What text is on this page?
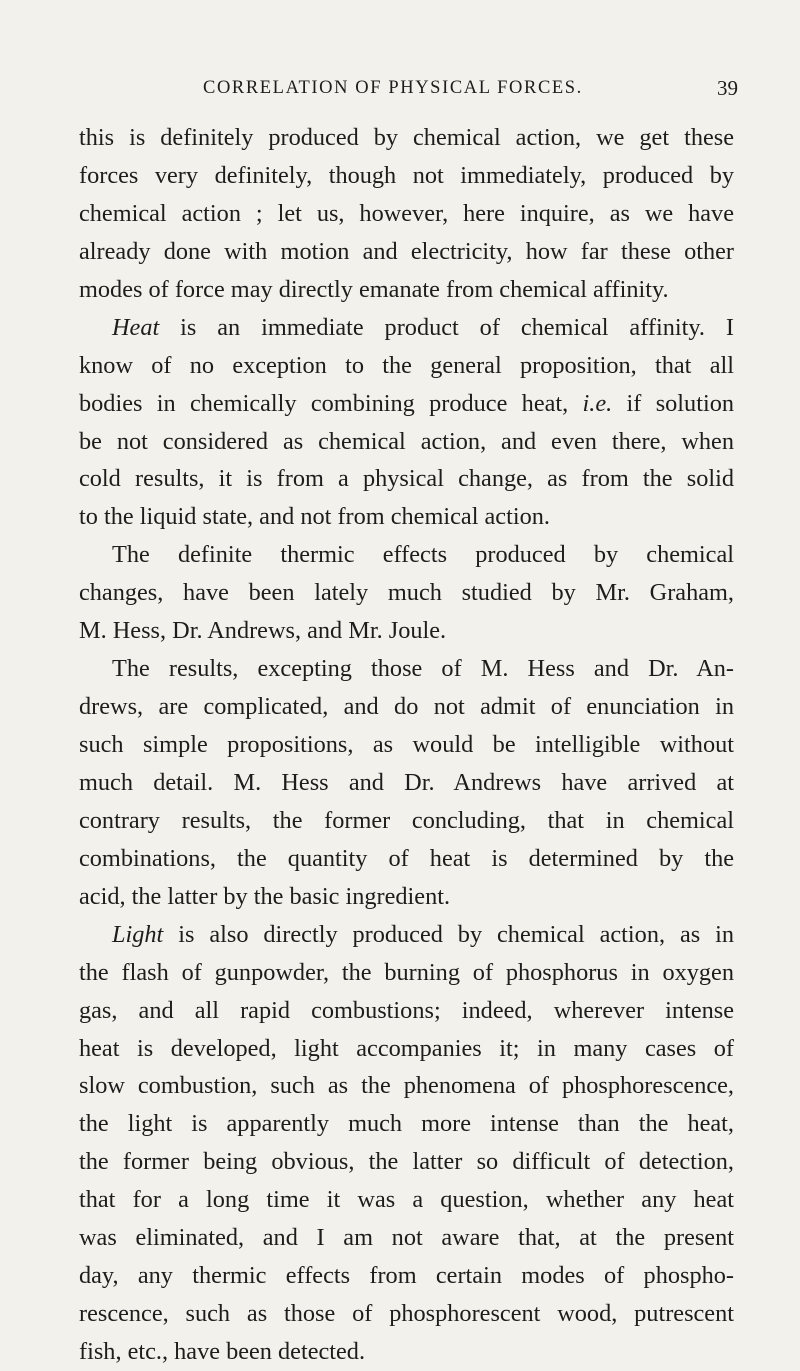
CORRELATION OF PHYSICAL FORCES.	39
this is definitely produced by chemical action, we get these
forces very definitely, though not immediately, produced by
chemical action ; let us, however, here inquire, as we have
already done with motion and electricity, how far these other
modes of force may directly emanate from chemical affinity.
Heat is an immediate product of chemical affinity. I
know of no exception to the general proposition, that all
bodies in chemically combining produce heat, i.e. if solution
be not considered as chemical action, and even there, when
cold results, it is from a physical change, as from the solid
to the liquid state, and not from chemical action.
The definite thermic effects produced by chemical
changes, have been lately much studied by Mr. Graham,
M. Hess, Dr. Andrews, and Mr. Joule.
The results, excepting those of M. Hess and Dr. An-
drews, are complicated, and do not admit of enunciation in
such simple propositions, as would be intelligible without
much detail. M. Hess and Dr. Andrews have arrived at
contrary results, the former concluding, that in chemical
combinations, the quantity of heat is determined by the
acid, the latter by the basic ingredient.
Light is also directly produced by chemical action, as in
the flash of gunpowder, the burning of phosphorus in oxygen
gas, and all rapid combustions; indeed, wherever intense
heat is developed, light accompanies it; in many cases of
slow combustion, such as the phenomena of phosphorescence,
the light is apparently much more intense than the heat,
the former being obvious, the latter so difficult of detection,
that for a long time it was a question, whether any heat
was eliminated, and I am not aware that, at the present
day, any thermic effects from certain modes of phospho-
rescence, such as those of phosphorescent wood, putrescent
fish, etc., have been detected.
